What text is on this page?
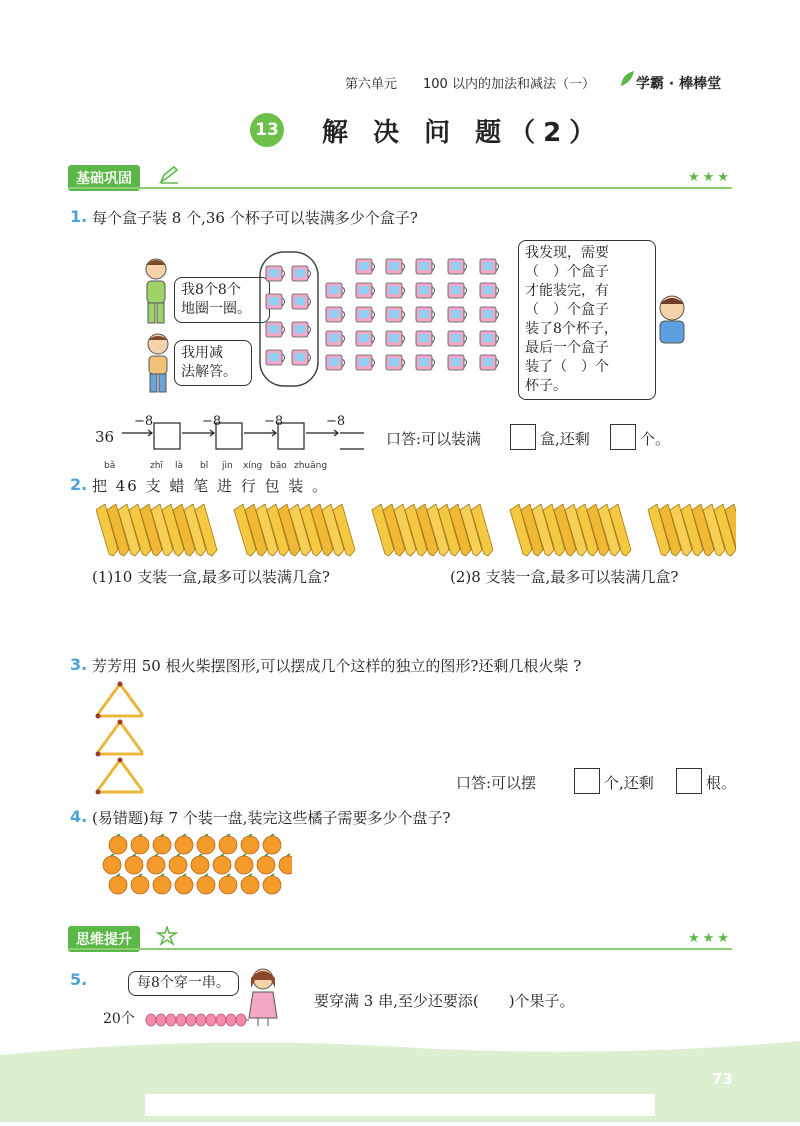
第六单元 100 以内的加法和减法（一）	学霸 · 棒棒堂
13 解 决 问 题（2）
基础巩固	★★★
1. 每个盒子装 8 个,36 个杯子可以装满多少个盒子?
我8个8个
地圈一圈。
我用减
法解答。
我发现，需要
（　）个盒子
才能装完，有
（　）个盒子
装了8个杯子，
最后一个盒子
装了（　）个
杯子。
36
−8	−8	−8	−8
口答:可以装满	盒,还剩	个。
bǎ	zhī là bǐ jìn xíng bāo zhuāng
2. 把 46 支 蜡 笔 进 行 包 装 。
(1)10 支装一盒,最多可以装满几盒?	(2)8 支装一盒,最多可以装满几盒?
3. 芳芳用 50 根火柴摆图形,可以摆成几个这样的独立的图形?还剩几根火柴 ?
口答:可以摆	个,还剩	根。
4. (易错题)每 7 个装一盘,装完这些橘子需要多少个盘子?
思维提升	★★★
5.	每8个穿一串。
20个
要穿满 3 串,至少还要添(　　)个果子。
73
